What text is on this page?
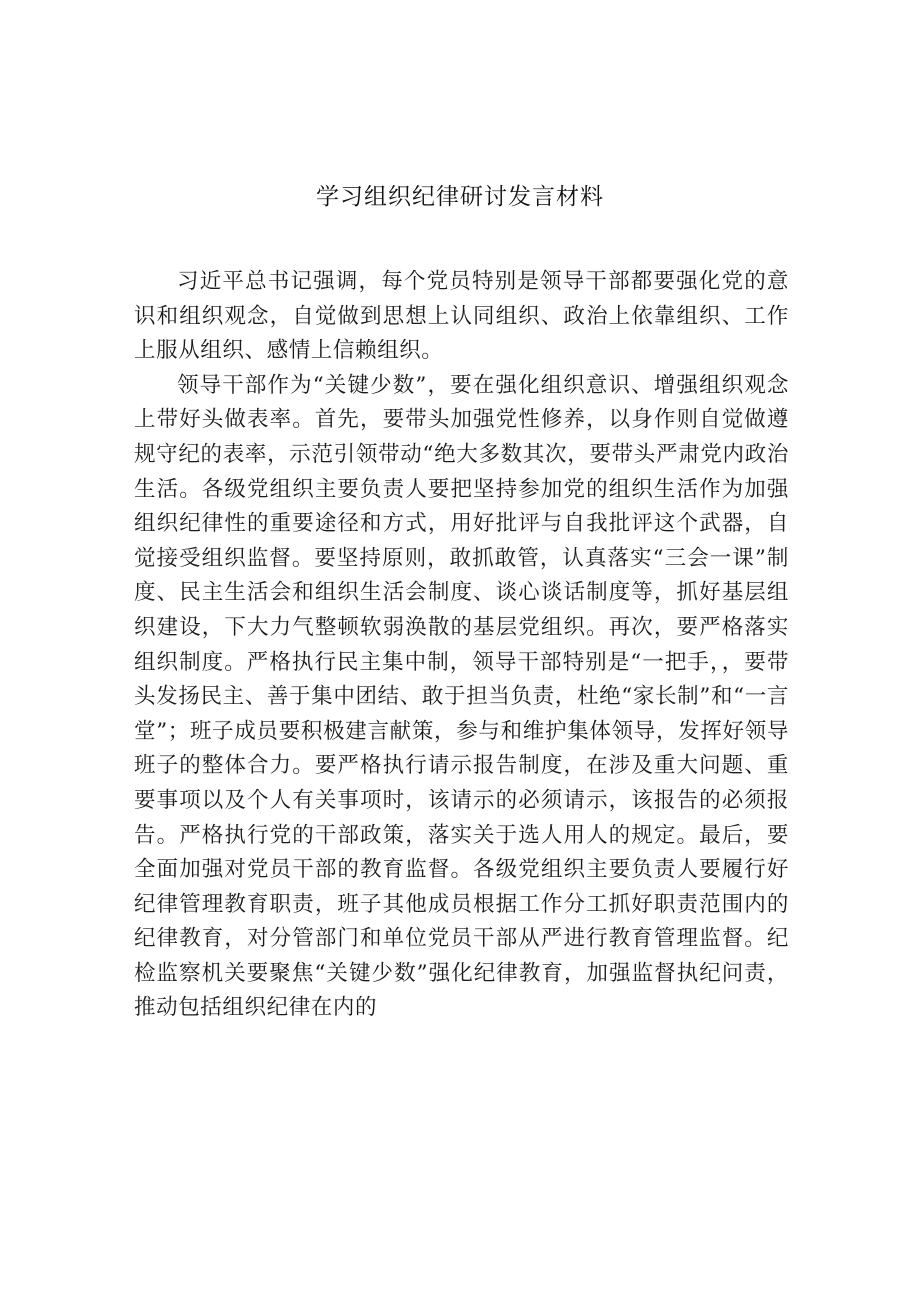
学习组织纪律研讨发言材料

习近平总书记强调，每个党员特别是领导干部都要强化党的意识和组织观念，自觉做到思想上认同组织、政治上依靠组织、工作上服从组织、感情上信赖组织。

领导干部作为“关键少数”，要在强化组织意识、增强组织观念上带好头做表率。首先，要带头加强党性修养，以身作则自觉做遵规守纪的表率，示范引领带动“绝大多数其次，要带头严肃党内政治生活。各级党组织主要负责人要把坚持参加党的组织生活作为加强组织纪律性的重要途径和方式，用好批评与自我批评这个武器，自觉接受组织监督。要坚持原则，敢抓敢管，认真落实“三会一课”制度、民主生活会和组织生活会制度、谈心谈话制度等，抓好基层组织建设，下大力气整顿软弱涣散的基层党组织。再次，要严格落实组织制度。严格执行民主集中制，领导干部特别是“一把手，，要带头发扬民主、善于集中团结、敢于担当负责，杜绝“家长制”和“一言堂”；班子成员要积极建言献策，参与和维护集体领导，发挥好领导班子的整体合力。要严格执行请示报告制度，在涉及重大问题、重要事项以及个人有关事项时，该请示的必须请示，该报告的必须报告。严格执行党的干部政策，落实关于选人用人的规定。最后，要全面加强对党员干部的教育监督。各级党组织主要负责人要履行好纪律管理教育职责，班子其他成员根据工作分工抓好职责范围内的纪律教育，对分管部门和单位党员干部从严进行教育管理监督。纪检监察机关要聚焦“关键少数”强化纪律教育，加强监督执纪问责，推动包括组织纪律在内的
